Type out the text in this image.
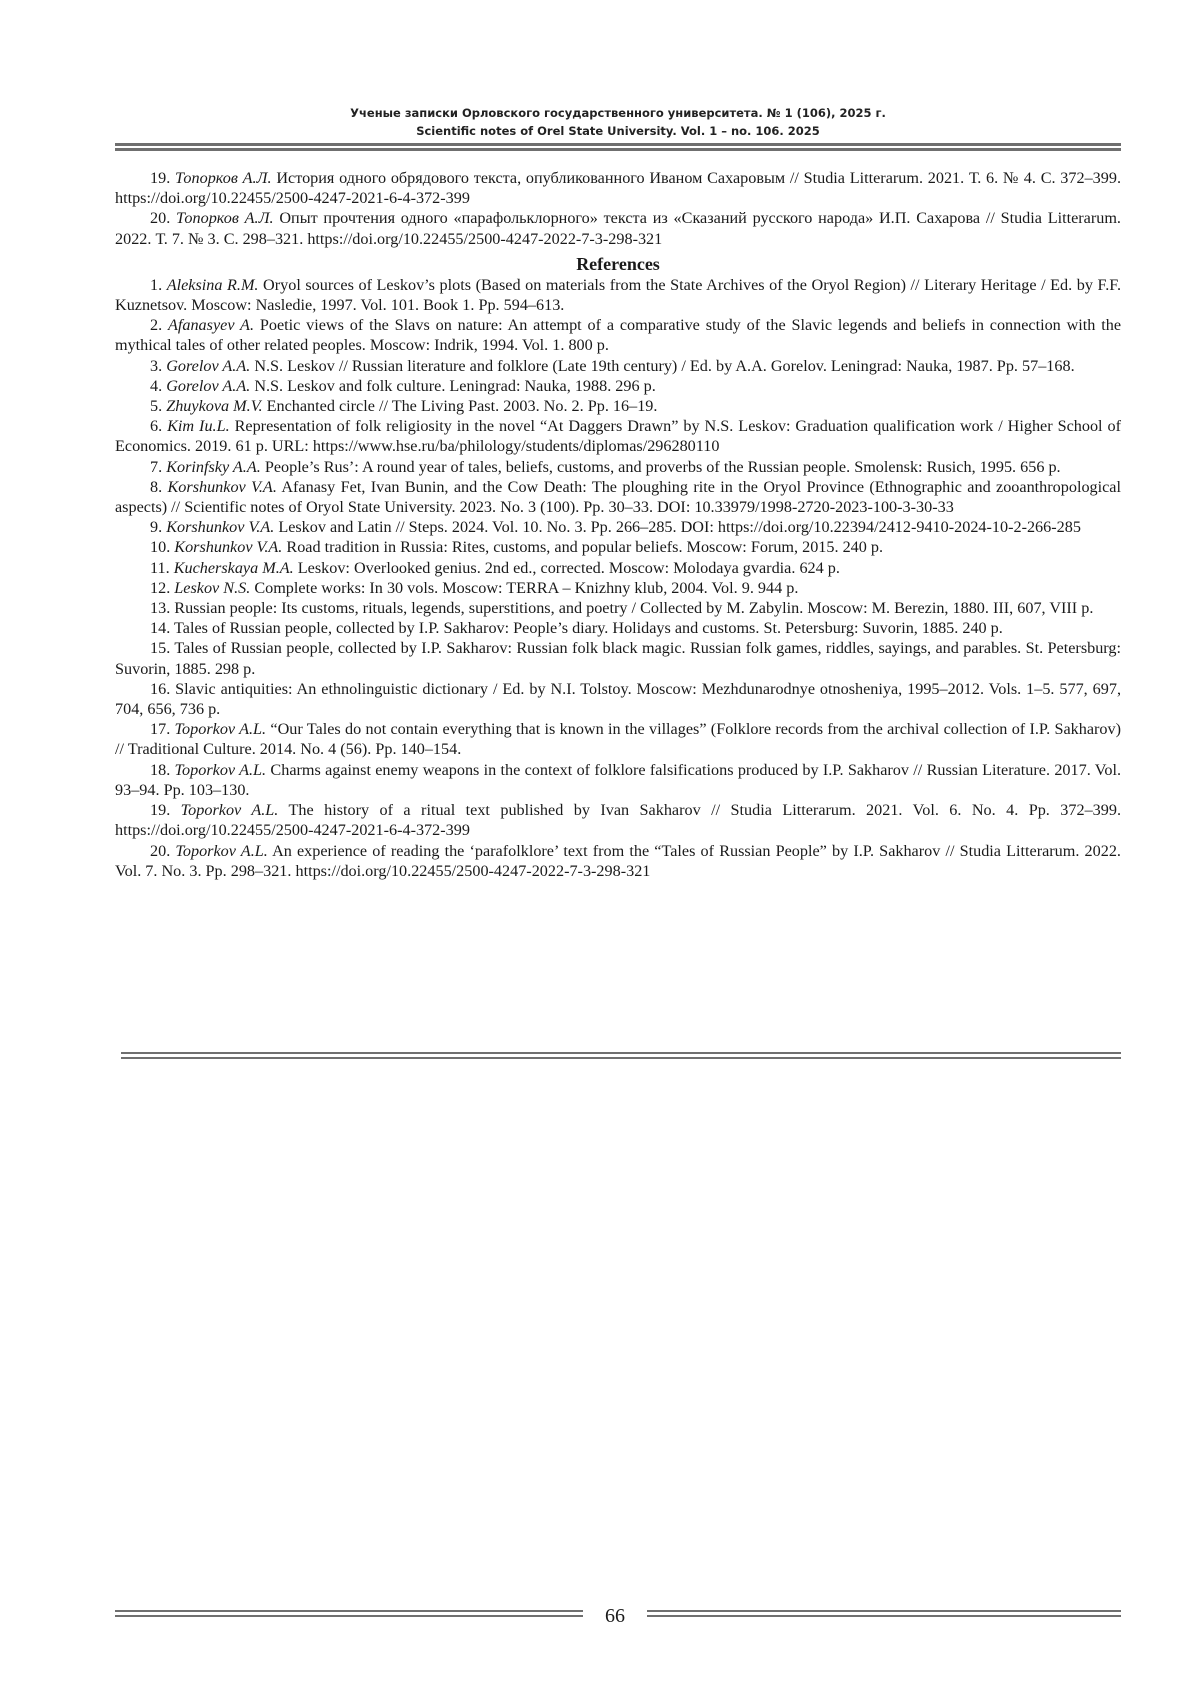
Ученые записки Орловского государственного университета. № 1 (106), 2025 г.
Scientific notes of Orel State University. Vol. 1 – no. 106. 2025

19. Топорков А.Л. История одного обрядового текста, опубликованного Иваном Сахаровым // Studia Litterarum. 2021. Т. 6. № 4. С. 372–399. https://doi.org/10.22455/2500-4247-2021-6-4-372-399

20. Топорков А.Л. Опыт прочтения одного «парафольклорного» текста из «Сказаний русского народа» И.П. Сахарова // Studia Litterarum. 2022. Т. 7. № 3. С. 298–321. https://doi.org/10.22455/2500-4247-2022-7-3-298-321

References

1. Aleksina R.M. Oryol sources of Leskov’s plots (Based on materials from the State Archives of the Oryol Region) // Literary Heritage / Ed. by F.F. Kuznetsov. Moscow: Nasledie, 1997. Vol. 101. Book 1. Pp. 594–613.

2. Afanasyev A. Poetic views of the Slavs on nature: An attempt of a comparative study of the Slavic legends and beliefs in connection with the mythical tales of other related peoples. Moscow: Indrik, 1994. Vol. 1. 800 p.

3. Gorelov A.A. N.S. Leskov // Russian literature and folklore (Late 19th century) / Ed. by A.A. Gorelov. Leningrad: Nauka, 1987. Pp. 57–168.

4. Gorelov A.A. N.S. Leskov and folk culture. Leningrad: Nauka, 1988. 296 p.

5. Zhuykova M.V. Enchanted circle // The Living Past. 2003. No. 2. Pp. 16–19.

6. Kim Iu.L. Representation of folk religiosity in the novel “At Daggers Drawn” by N.S. Leskov: Graduation qualification work / Higher School of Economics. 2019. 61 p. URL: https://www.hse.ru/ba/philology/students/diplomas/296280110

7. Korinfsky A.A. People’s Rus’: A round year of tales, beliefs, customs, and proverbs of the Russian people. Smolensk: Rusich, 1995. 656 p.

8. Korshunkov V.A. Afanasy Fet, Ivan Bunin, and the Cow Death: The ploughing rite in the Oryol Province (Ethnographic and zooanthropological aspects) // Scientific notes of Oryol State University. 2023. No. 3 (100). Pp. 30–33. DOI: 10.33979/1998-2720-2023-100-3-30-33

9. Korshunkov V.A. Leskov and Latin // Steps. 2024. Vol. 10. No. 3. Pp. 266–285. DOI: https://doi.org/10.22394/2412-9410-2024-10-2-266-285

10. Korshunkov V.A. Road tradition in Russia: Rites, customs, and popular beliefs. Moscow: Forum, 2015. 240 p.

11. Kucherskaya M.A. Leskov: Overlooked genius. 2nd ed., corrected. Moscow: Molodaya gvardia. 624 p.

12. Leskov N.S. Complete works: In 30 vols. Moscow: TERRA – Knizhny klub, 2004. Vol. 9. 944 p.

13. Russian people: Its customs, rituals, legends, superstitions, and poetry / Collected by M. Zabylin. Moscow: M. Berezin, 1880. III, 607, VIII p.

14. Tales of Russian people, collected by I.P. Sakharov: People’s diary. Holidays and customs. St. Petersburg: Suvorin, 1885. 240 p.

15. Tales of Russian people, collected by I.P. Sakharov: Russian folk black magic. Russian folk games, riddles, sayings, and parables. St. Petersburg: Suvorin, 1885. 298 p.

16. Slavic antiquities: An ethnolinguistic dictionary / Ed. by N.I. Tolstoy. Moscow: Mezhdunarodnye otnosheniya, 1995–2012. Vols. 1–5. 577, 697, 704, 656, 736 p.

17. Toporkov A.L. “Our Tales do not contain everything that is known in the villages” (Folklore records from the archival collection of I.P. Sakharov) // Traditional Culture. 2014. No. 4 (56). Pp. 140–154.

18. Toporkov A.L. Charms against enemy weapons in the context of folklore falsifications produced by I.P. Sakharov // Russian Literature. 2017. Vol. 93–94. Pp. 103–130.

19. Toporkov A.L. The history of a ritual text published by Ivan Sakharov // Studia Litterarum. 2021. Vol. 6. No. 4. Pp. 372–399. https://doi.org/10.22455/2500-4247-2021-6-4-372-399

20. Toporkov A.L. An experience of reading the ‘parafolklore’ text from the “Tales of Russian People” by I.P. Sakharov // Studia Litterarum. 2022. Vol. 7. No. 3. Pp. 298–321. https://doi.org/10.22455/2500-4247-2022-7-3-298-321

66
